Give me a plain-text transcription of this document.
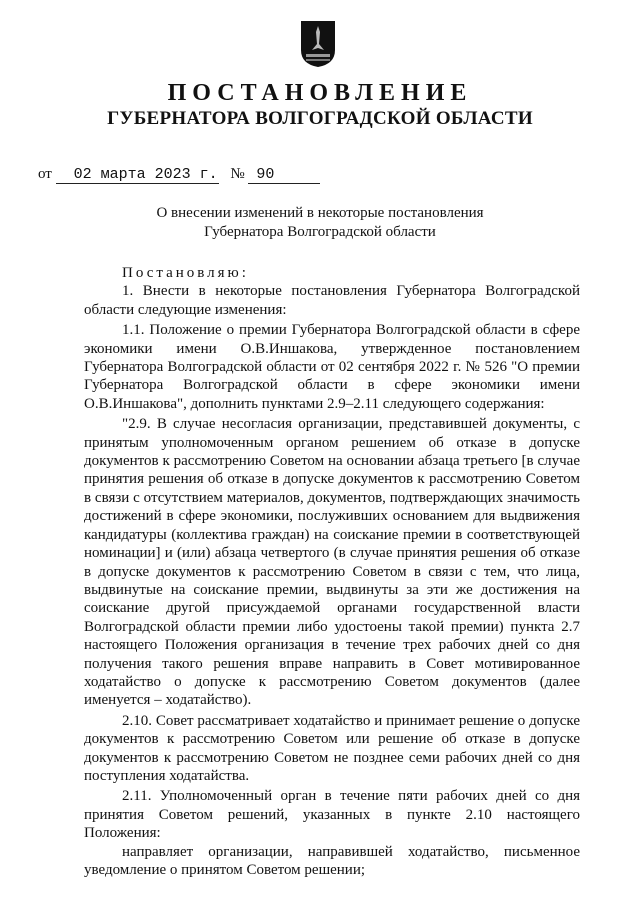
ПОСТАНОВЛЕНИЕ
ГУБЕРНАТОРА ВОЛГОГРАДСКОЙ ОБЛАСТИ
от 02 марта 2023 г. № 90
О внесении изменений в некоторые постановления
Губернатора Волгоградской области

Постановляю:

1. Внести в некоторые постановления Губернатора Волгоградской области следующие изменения:

1.1. Положение о премии Губернатора Волгоградской области в сфере экономики имени О.В.Иншакова, утвержденное постановлением Губернатора Волгоградской области от 02 сентября 2022 г. № 526 "О премии Губернатора Волгоградской области в сфере экономики имени О.В.Иншакова", дополнить пунктами 2.9–2.11 следующего содержания:

"2.9. В случае несогласия организации, представившей документы, с принятым уполномоченным органом решением об отказе в допуске документов к рассмотрению Советом на основании абзаца третьего [в случае принятия решения об отказе в допуске документов к рассмотрению Советом в связи с отсутствием материалов, документов, подтверждающих значимость достижений в сфере экономики, послуживших основанием для выдвижения кандидатуры (коллектива граждан) на соискание премии в соответствующей номинации] и (или) абзаца четвертого (в случае принятия решения об отказе в допуске документов к рассмотрению Советом в связи с тем, что лица, выдвинутые на соискание премии, выдвинуты за эти же достижения на соискание другой присуждаемой органами государственной власти Волгоградской области премии либо удостоены такой премии) пункта 2.7 настоящего Положения организация в течение трех рабочих дней со дня получения такого решения вправе направить в Совет мотивированное ходатайство о допуске к рассмотрению Советом документов (далее именуется – ходатайство).

2.10. Совет рассматривает ходатайство и принимает решение о допуске документов к рассмотрению Советом или решение об отказе в допуске документов к рассмотрению Советом не позднее семи рабочих дней со дня поступления ходатайства.

2.11. Уполномоченный орган в течение пяти рабочих дней со дня принятия Советом решений, указанных в пункте 2.10 настоящего Положения:

направляет организации, направившей ходатайство, письменное уведомление о принятом Советом решении;
